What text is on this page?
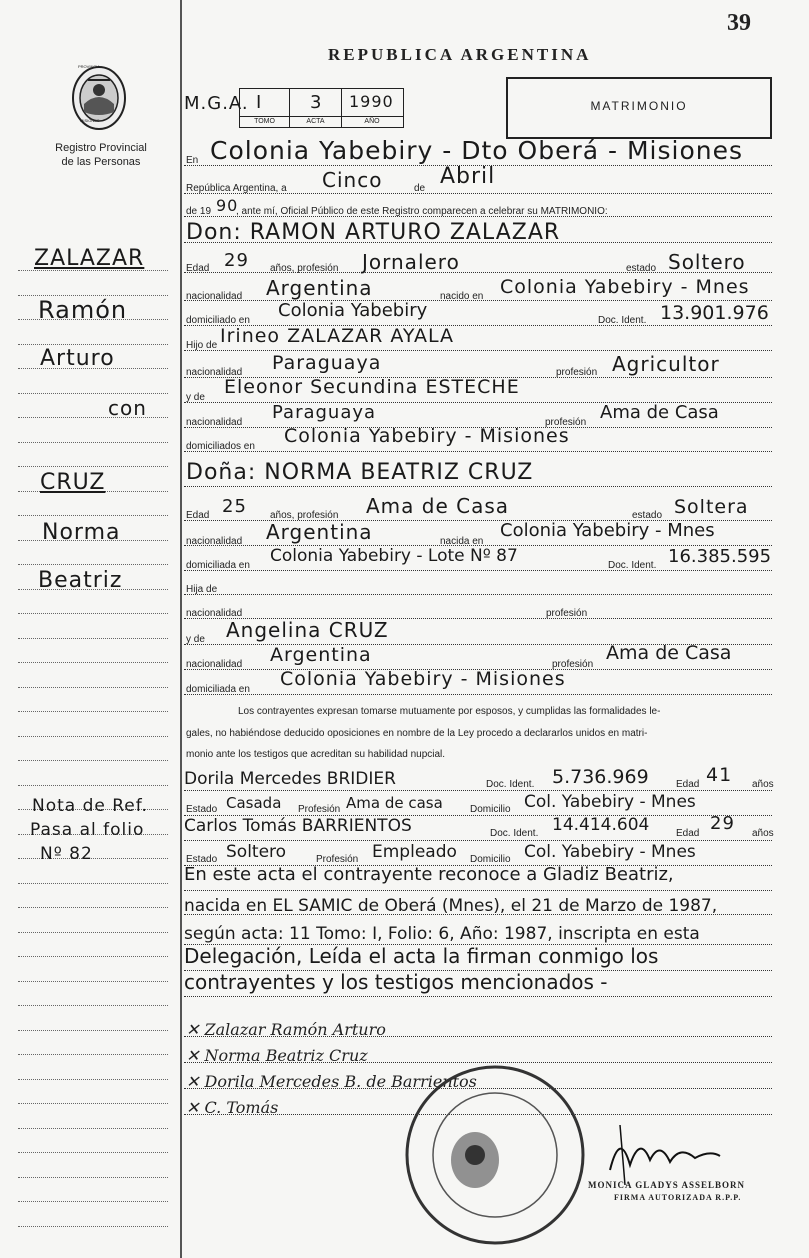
39
REPUBLICA ARGENTINA
PROVINCIA
MISIONES
Registro Provincial
de las Personas
M.G.A. I	3 1990
TOMO	ACTA	AÑO
MATRIMONIO
ZALAZAR
Ramón
Arturo
con
CRUZ
Norma
Beatriz
Nota de Ref.
Pasa al folio
Nº 82
En Colonia Yabebiry - Dto Oberá - Misiones
República Argentina, a Cinco	de Abril
de 19 90
, ante mí, Oficial Público de este Registro comparecen a celebrar su MATRIMONIO:
Don: RAMON ARTURO ZALAZAR
Edad 29 años, profesión Jornalero	estado Soltero
nacionalidad Argentina	nacido en Colonia Yabebiry - Mnes
domiciliado en Colonia Yabebiry	Doc. Ident. 13.901.976
Hijo de Irineo ZALAZAR AYALA
nacionalidad Paraguaya	profesión Agricultor
y de Eleonor Secundina ESTECHE
nacionalidad Paraguaya	profesión Ama de Casa
domiciliados en Colonia Yabebiry - Misiones
Doña: NORMA BEATRIZ CRUZ
Edad 25 años, profesión Ama de Casa	estado Soltera
nacionalidad Argentina	nacida en
Colonia Yabebiry - Mnes
domiciliada en Colonia Yabebiry - Lote Nº 87	Doc. Ident. 16.385.595
Hija de
nacionalidad	profesión
y de Angelina CRUZ
nacionalidad Argentina	profesión
Ama de Casa
domiciliada en Colonia Yabebiry - Misiones
Los contrayentes expresan tomarse mutuamente por esposos, y cumplidas las formalidades le-
gales, no habiéndose deducido oposiciones en nombre de la Ley procedo a declararlos unidos en matri-
monio ante los testigos que acreditan su habilidad nupcial.
Dorila Mercedes BRIDIER	Doc. Ident. 5.736.969	Edad 41 años
Estado Casada Profesión Ama de casa	Domicilio Col. Yabebiry - Mnes
Carlos Tomás BARRIENTOS	Doc. Ident. 14.414.604	Edad 29 años
Estado Soltero	Profesión Empleado Domicilio Col. Yabebiry - Mnes
En este acta el contrayente reconoce a Gladiz Beatriz,
nacida en EL SAMIC de Oberá (Mnes), el 21 de Marzo de 1987,
según acta: 11 Tomo: I, Folio: 6, Año: 1987, inscripta en esta
Delegación, Leída el acta la firman conmigo los
contrayentes y los testigos mencionados -
✕ Zalazar Ramón Arturo
✕ Norma Beatriz Cruz
✕ Dorila Mercedes B. de Barrientos
✕ C. Tomás
MONICA GLADYS ASSELBORN
FIRMA AUTORIZADA R.P.P.
